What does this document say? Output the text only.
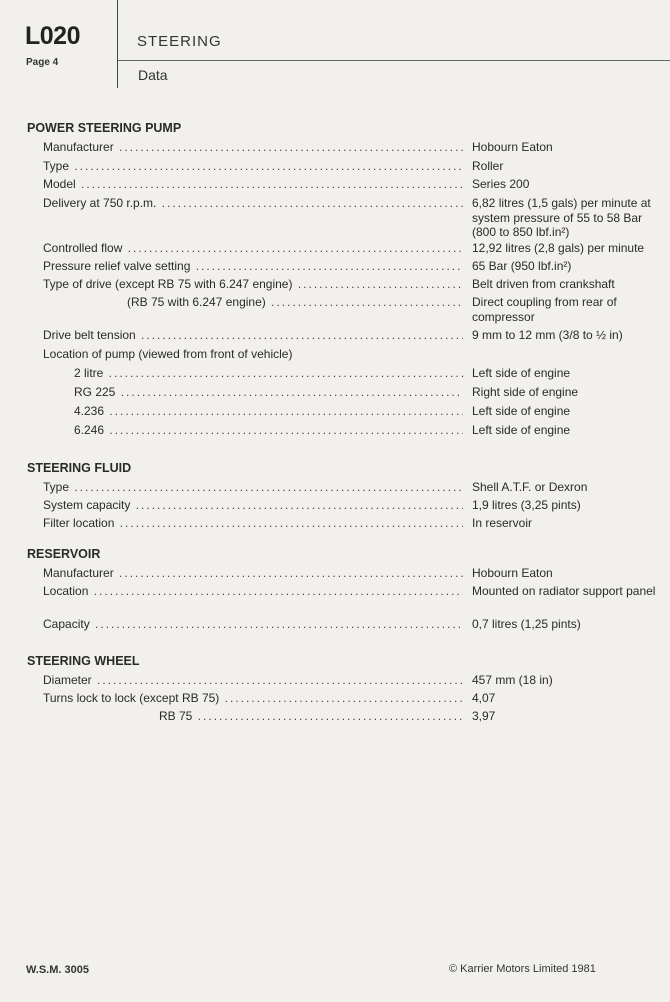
L020
Page 4
STEERING
Data
POWER STEERING PUMP
Manufacturer .....	Hobourn Eaton
Type .....	Roller
Model .....	Series 200
Delivery at 750 r.p.m. .....	6,82 litres (1,5 gals) per minute at system pressure of 55 to 58 Bar (800 to 850 lbf.in²)
Controlled flow .....	12,92 litres (2,8 gals) per minute
Pressure relief valve setting .....	65 Bar (950 lbf.in²)
Type of drive (except RB 75 with 6.247 engine) .....	Belt driven from crankshaft
(RB 75 with 6.247 engine) .....	Direct coupling from rear of compressor
Drive belt tension .....	9 mm to 12 mm (3/8 to ½ in)
Location of pump (viewed from front of vehicle)
2 litre .....	Left side of engine
RG 225 .....	Right side of engine
4.236 .....	Left side of engine
6.246 .....	Left side of engine
STEERING FLUID
Type .....	Shell A.T.F. or Dexron
System capacity .....	1,9 litres (3,25 pints)
Filter location .....	In reservoir
RESERVOIR
Manufacturer .....	Hobourn Eaton
Location .....	Mounted on radiator support panel
Capacity .....	0,7 litres (1,25 pints)
STEERING WHEEL
Diameter .....	457 mm (18 in)
Turns lock to lock (except RB 75) .....	4,07
RB 75 .....	3,97
W.S.M. 3005	© Karrier Motors Limited 1981
